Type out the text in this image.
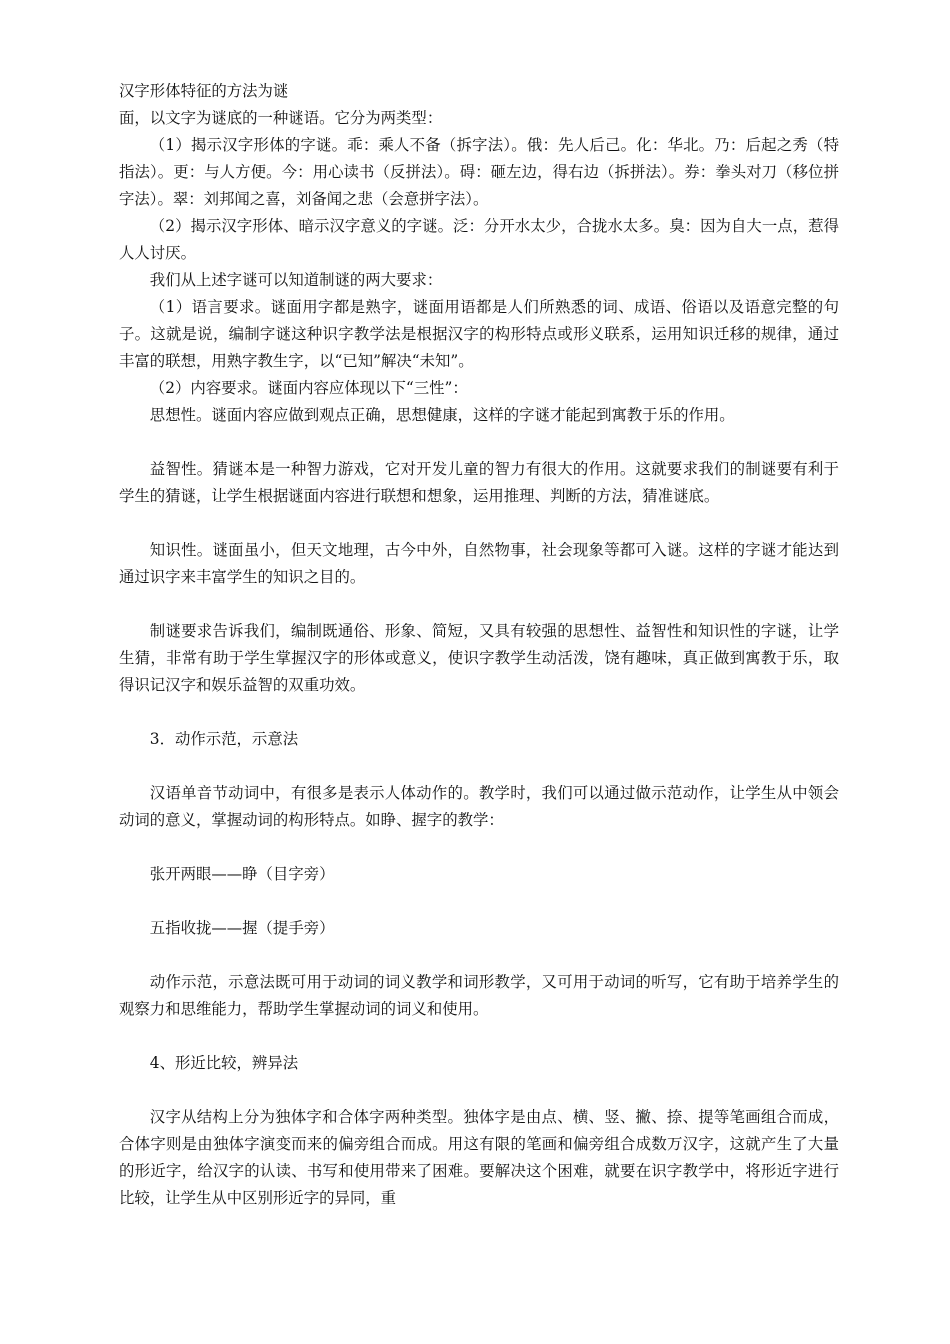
汉字形体特征的方法为谜

面，以文字为谜底的一种谜语。它分为两类型：

（1）揭示汉字形体的字谜。乖：乘人不备（拆字法）。俄：先人后己。化：华北。乃：后起之秀（特指法）。更：与人方便。今：用心读书（反拼法）。碍：砸左边，得右边（拆拼法）。券：拳头对刀（移位拼字法）。翠：刘邦闻之喜，刘备闻之悲（会意拼字法）。

（2）揭示汉字形体、暗示汉字意义的字谜。泛：分开水太少，合拢水太多。臭：因为自大一点，惹得人人讨厌。

我们从上述字谜可以知道制谜的两大要求：

（1）语言要求。谜面用字都是熟字，谜面用语都是人们所熟悉的词、成语、俗语以及语意完整的句子。这就是说，编制字谜这种识字教学法是根据汉字的构形特点或形义联系，运用知识迁移的规律，通过丰富的联想，用熟字教生字，以“已知”解决“未知”。

（2）内容要求。谜面内容应体现以下“三性”：

思想性。谜面内容应做到观点正确，思想健康，这样的字谜才能起到寓教于乐的作用。

益智性。猜谜本是一种智力游戏，它对开发儿童的智力有很大的作用。这就要求我们的制谜要有利于学生的猜谜，让学生根据谜面内容进行联想和想象，运用推理、判断的方法，猜准谜底。

知识性。谜面虽小，但天文地理，古今中外，自然物事，社会现象等都可入谜。这样的字谜才能达到通过识字来丰富学生的知识之目的。

制谜要求告诉我们，编制既通俗、形象、简短，又具有较强的思想性、益智性和知识性的字谜，让学生猜，非常有助于学生掌握汉字的形体或意义，使识字教学生动活泼，饶有趣味，真正做到寓教于乐，取得识记汉字和娱乐益智的双重功效。

3．动作示范，示意法

汉语单音节动词中，有很多是表示人体动作的。教学时，我们可以通过做示范动作，让学生从中领会动词的意义，掌握动词的构形特点。如睁、握字的教学：

张开两眼——睁（目字旁）

五指收拢——握（提手旁）

动作示范，示意法既可用于动词的词义教学和词形教学，又可用于动词的听写，它有助于培养学生的观察力和思维能力，帮助学生掌握动词的词义和使用。

4、形近比较，辨异法

汉字从结构上分为独体字和合体字两种类型。独体字是由点、横、竖、撇、捺、提等笔画组合而成，合体字则是由独体字演变而来的偏旁组合而成。用这有限的笔画和偏旁组合成数万汉字，这就产生了大量的形近字，给汉字的认读、书写和使用带来了困难。要解决这个困难，就要在识字教学中，将形近字进行比较，让学生从中区别形近字的异同，重
